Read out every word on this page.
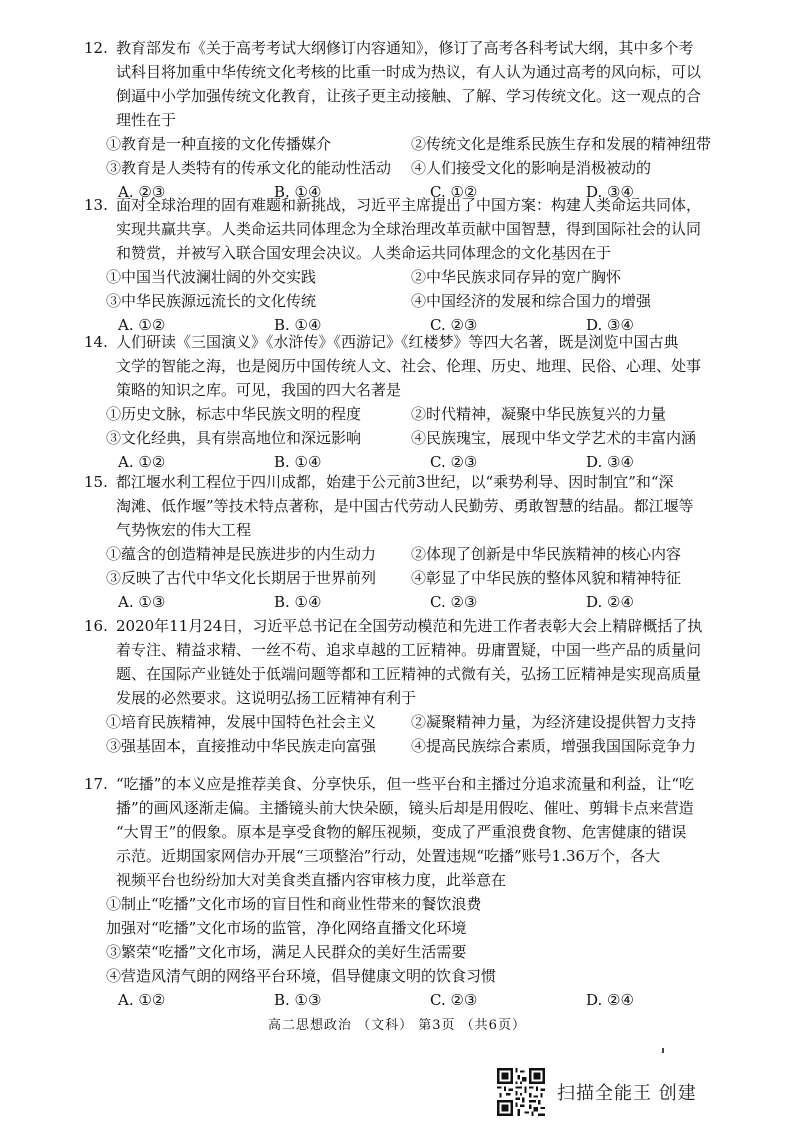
12. 教育部发布《关于高考考试大纲修订内容通知》，修订了高考各科考试大纲，其中多个考
试科目将加重中华传统文化考核的比重一时成为热议，有人认为通过高考的风向标，可以
倒逼中小学加强传统文化教育，让孩子更主动接触、了解、学习传统文化。这一观点的合
理性在于
①教育是一种直接的文化传播媒介	②传统文化是维系民族生存和发展的精神纽带
③教育是人类特有的传承文化的能动性活动	④人们接受文化的影响是消极被动的
A. ②③	B. ①④	C. ①②	D. ③④
13. 面对全球治理的固有难题和新挑战，习近平主席提出了中国方案：构建人类命运共同体，
实现共赢共享。人类命运共同体理念为全球治理改革贡献中国智慧，得到国际社会的认同
和赞赏，并被写入联合国安理会决议。人类命运共同体理念的文化基因在于
①中国当代波澜壮阔的外交实践	②中华民族求同存异的宽广胸怀
③中华民族源远流长的文化传统	④中国经济的发展和综合国力的增强
A. ①②	B. ①④	C. ②③	D. ③④
14. 人们研读《三国演义》《水浒传》《西游记》《红楼梦》等四大名著，既是浏览中国古典
文学的智能之海，也是阅历中国传统人文、社会、伦理、历史、地理、民俗、心理、处事
策略的知识之库。可见，我国的四大名著是
①历史文脉，标志中华民族文明的程度	②时代精神，凝聚中华民族复兴的力量
③文化经典，具有崇高地位和深远影响	④民族瑰宝，展现中华文学艺术的丰富内涵
A. ①②	B. ①④	C. ②③	D. ③④
15. 都江堰水利工程位于四川成都，始建于公元前3世纪，以“乘势利导、因时制宜”和“深
淘滩、低作堰”等技术特点著称，是中国古代劳动人民勤劳、勇敢智慧的结晶。都江堰等
气势恢宏的伟大工程
①蕴含的创造精神是民族进步的内生动力	②体现了创新是中华民族精神的核心内容
③反映了古代中华文化长期居于世界前列	④彰显了中华民族的整体风貌和精神特征
A. ①③	B. ①④	C. ②③	D. ②④
16. 2020年11月24日，习近平总书记在全国劳动模范和先进工作者表彰大会上精辟概括了执
着专注、精益求精、一丝不苟、追求卓越的工匠精神。毋庸置疑，中国一些产品的质量问
题、在国际产业链处于低端问题等都和工匠精神的式微有关，弘扬工匠精神是实现高质量
发展的必然要求。这说明弘扬工匠精神有利于
①培育民族精神，发展中国特色社会主义	②凝聚精神力量，为经济建设提供智力支持
③强基固本，直接推动中华民族走向富强	④提高民族综合素质，增强我国国际竞争力
17. “吃播”的本义应是推荐美食、分享快乐，但一些平台和主播过分追求流量和利益，让“吃
播”的画风逐渐走偏。主播镜头前大快朵颐，镜头后却是用假吃、催吐、剪辑卡点来营造
“大胃王”的假象。原本是享受食物的解压视频，变成了严重浪费食物、危害健康的错误
示范。近期国家网信办开展“三项整治”行动，处置违规“吃播”账号1.36万个，各大
视频平台也纷纷加大对美食类直播内容审核力度，此举意在
①制止“吃播”文化市场的盲目性和商业性带来的餐饮浪费
加强对“吃播”文化市场的监管，净化网络直播文化环境
③繁荣“吃播”文化市场，满足人民群众的美好生活需要
④营造风清气朗的网络平台环境，倡导健康文明的饮食习惯
A. ①②	B. ①③	C. ②③	D. ②④
高二思想政治 （文科） 第3页 （共6页）
扫描全能王 创建
